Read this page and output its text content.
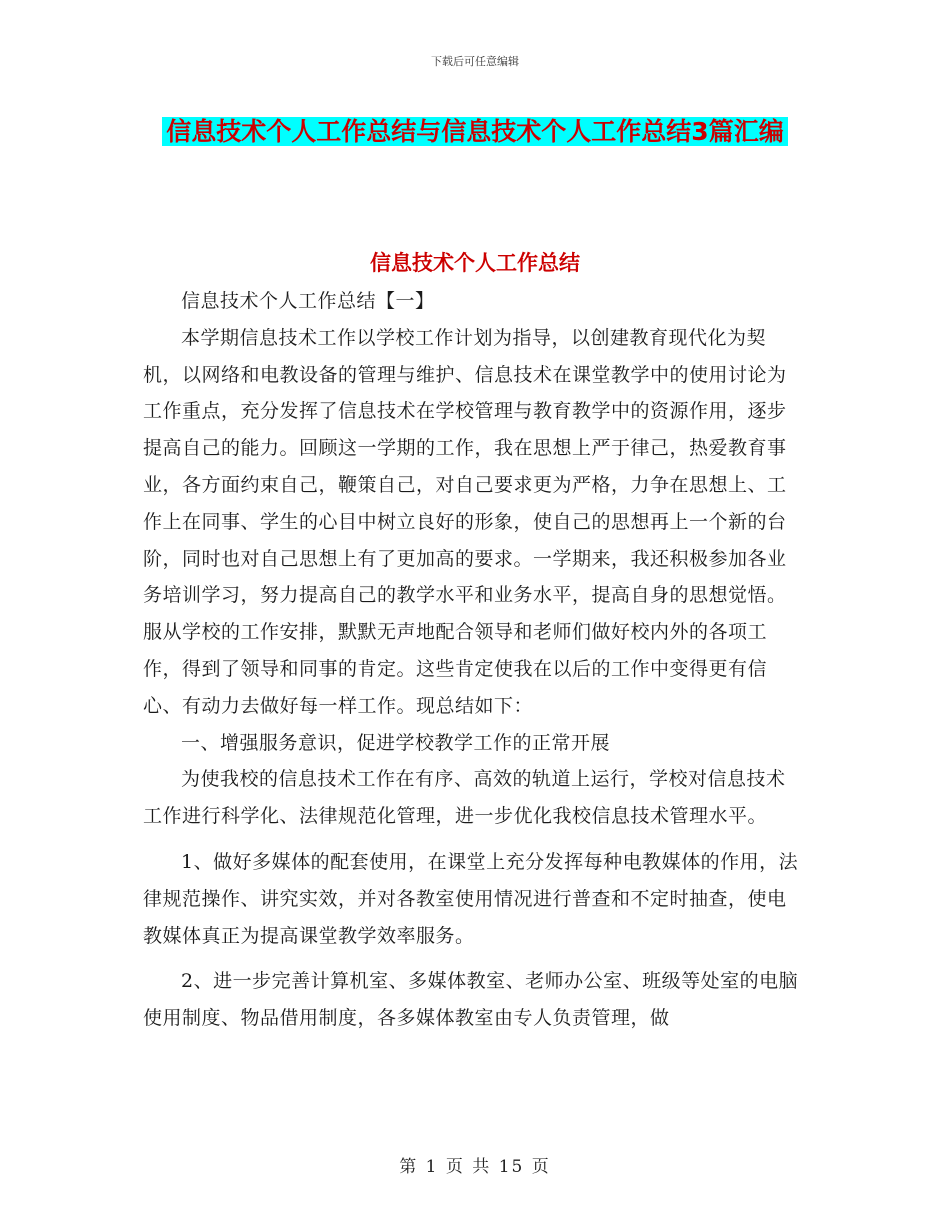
下载后可任意编辑
信息技术个人工作总结与信息技术个人工作总结3篇汇编
信息技术个人工作总结

信息技术个人工作总结【一】

本学期信息技术工作以学校工作计划为指导，以创建教育现代化为契机，以网络和电教设备的管理与维护、信息技术在课堂教学中的使用讨论为工作重点，充分发挥了信息技术在学校管理与教育教学中的资源作用，逐步提高自己的能力。回顾这一学期的工作，我在思想上严于律己，热爱教育事业，各方面约束自己，鞭策自己，对自己要求更为严格，力争在思想上、工作上在同事、学生的心目中树立良好的形象，使自己的思想再上一个新的台阶，同时也对自己思想上有了更加高的要求。一学期来，我还积极参加各业务培训学习，努力提高自己的教学水平和业务水平，提高自身的思想觉悟。服从学校的工作安排，默默无声地配合领导和老师们做好校内外的各项工作，得到了领导和同事的肯定。这些肯定使我在以后的工作中变得更有信心、有动力去做好每一样工作。现总结如下：

一、增强服务意识，促进学校教学工作的正常开展

为使我校的信息技术工作在有序、高效的轨道上运行，学校对信息技术工作进行科学化、法律规范化管理，进一步优化我校信息技术管理水平。

1、做好多媒体的配套使用，在课堂上充分发挥每种电教媒体的作用，法律规范操作、讲究实效，并对各教室使用情况进行普查和不定时抽查，使电教媒体真正为提高课堂教学效率服务。

2、进一步完善计算机室、多媒体教室、老师办公室、班级等处室的电脑使用制度、物品借用制度，各多媒体教室由专人负责管理，做

第 1 页 共 15 页
